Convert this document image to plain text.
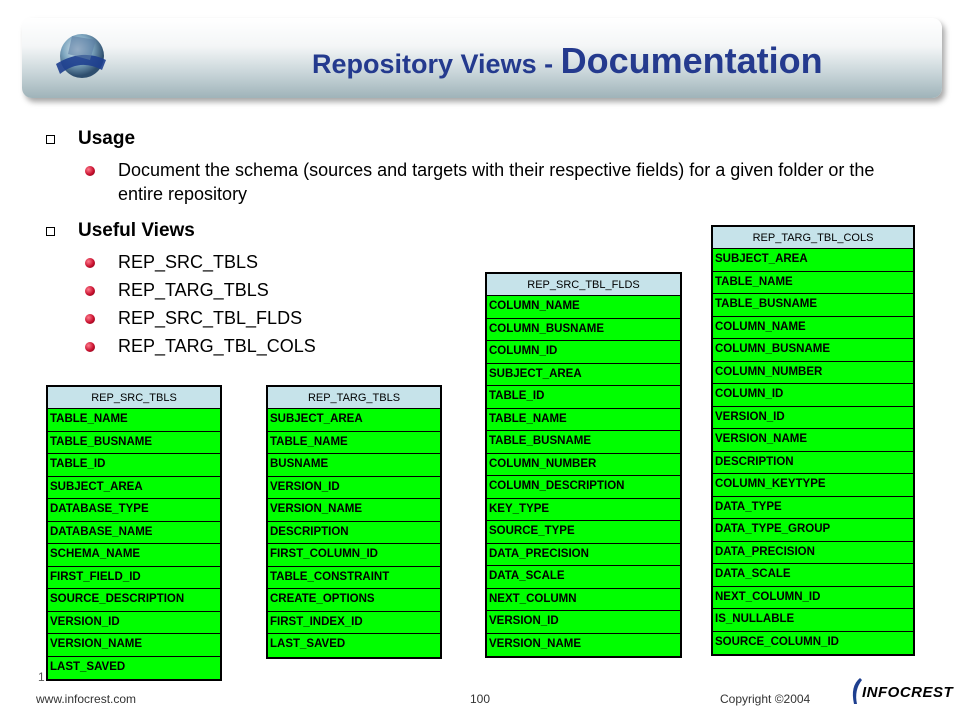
Repository Views - Documentation
Usage
Document the schema (sources and targets with their respective fields) for a given folder or the entire repository
Useful Views
REP_SRC_TBLS
REP_TARG_TBLS
REP_SRC_TBL_FLDS
REP_TARG_TBL_COLS
REP_SRC_TBLS
TABLE_NAME
TABLE_BUSNAME
TABLE_ID
SUBJECT_AREA
DATABASE_TYPE
DATABASE_NAME
SCHEMA_NAME
FIRST_FIELD_ID
SOURCE_DESCRIPTION
VERSION_ID
VERSION_NAME
LAST_SAVED
REP_TARG_TBLS
SUBJECT_AREA
TABLE_NAME
BUSNAME
VERSION_ID
VERSION_NAME
DESCRIPTION
FIRST_COLUMN_ID
TABLE_CONSTRAINT
CREATE_OPTIONS
FIRST_INDEX_ID
LAST_SAVED
REP_SRC_TBL_FLDS
COLUMN_NAME
COLUMN_BUSNAME
COLUMN_ID
SUBJECT_AREA
TABLE_ID
TABLE_NAME
TABLE_BUSNAME
COLUMN_NUMBER
COLUMN_DESCRIPTION
KEY_TYPE
SOURCE_TYPE
DATA_PRECISION
DATA_SCALE
NEXT_COLUMN
VERSION_ID
VERSION_NAME
REP_TARG_TBL_COLS
SUBJECT_AREA
TABLE_NAME
TABLE_BUSNAME
COLUMN_NAME
COLUMN_BUSNAME
COLUMN_NUMBER
COLUMN_ID
VERSION_ID
VERSION_NAME
DESCRIPTION
COLUMN_KEYTYPE
DATA_TYPE
DATA_TYPE_GROUP
DATA_PRECISION
DATA_SCALE
NEXT_COLUMN_ID
IS_NULLABLE
SOURCE_COLUMN_ID
1
www.infocrest.com	100	Copyright ©2004	INFOCREST
